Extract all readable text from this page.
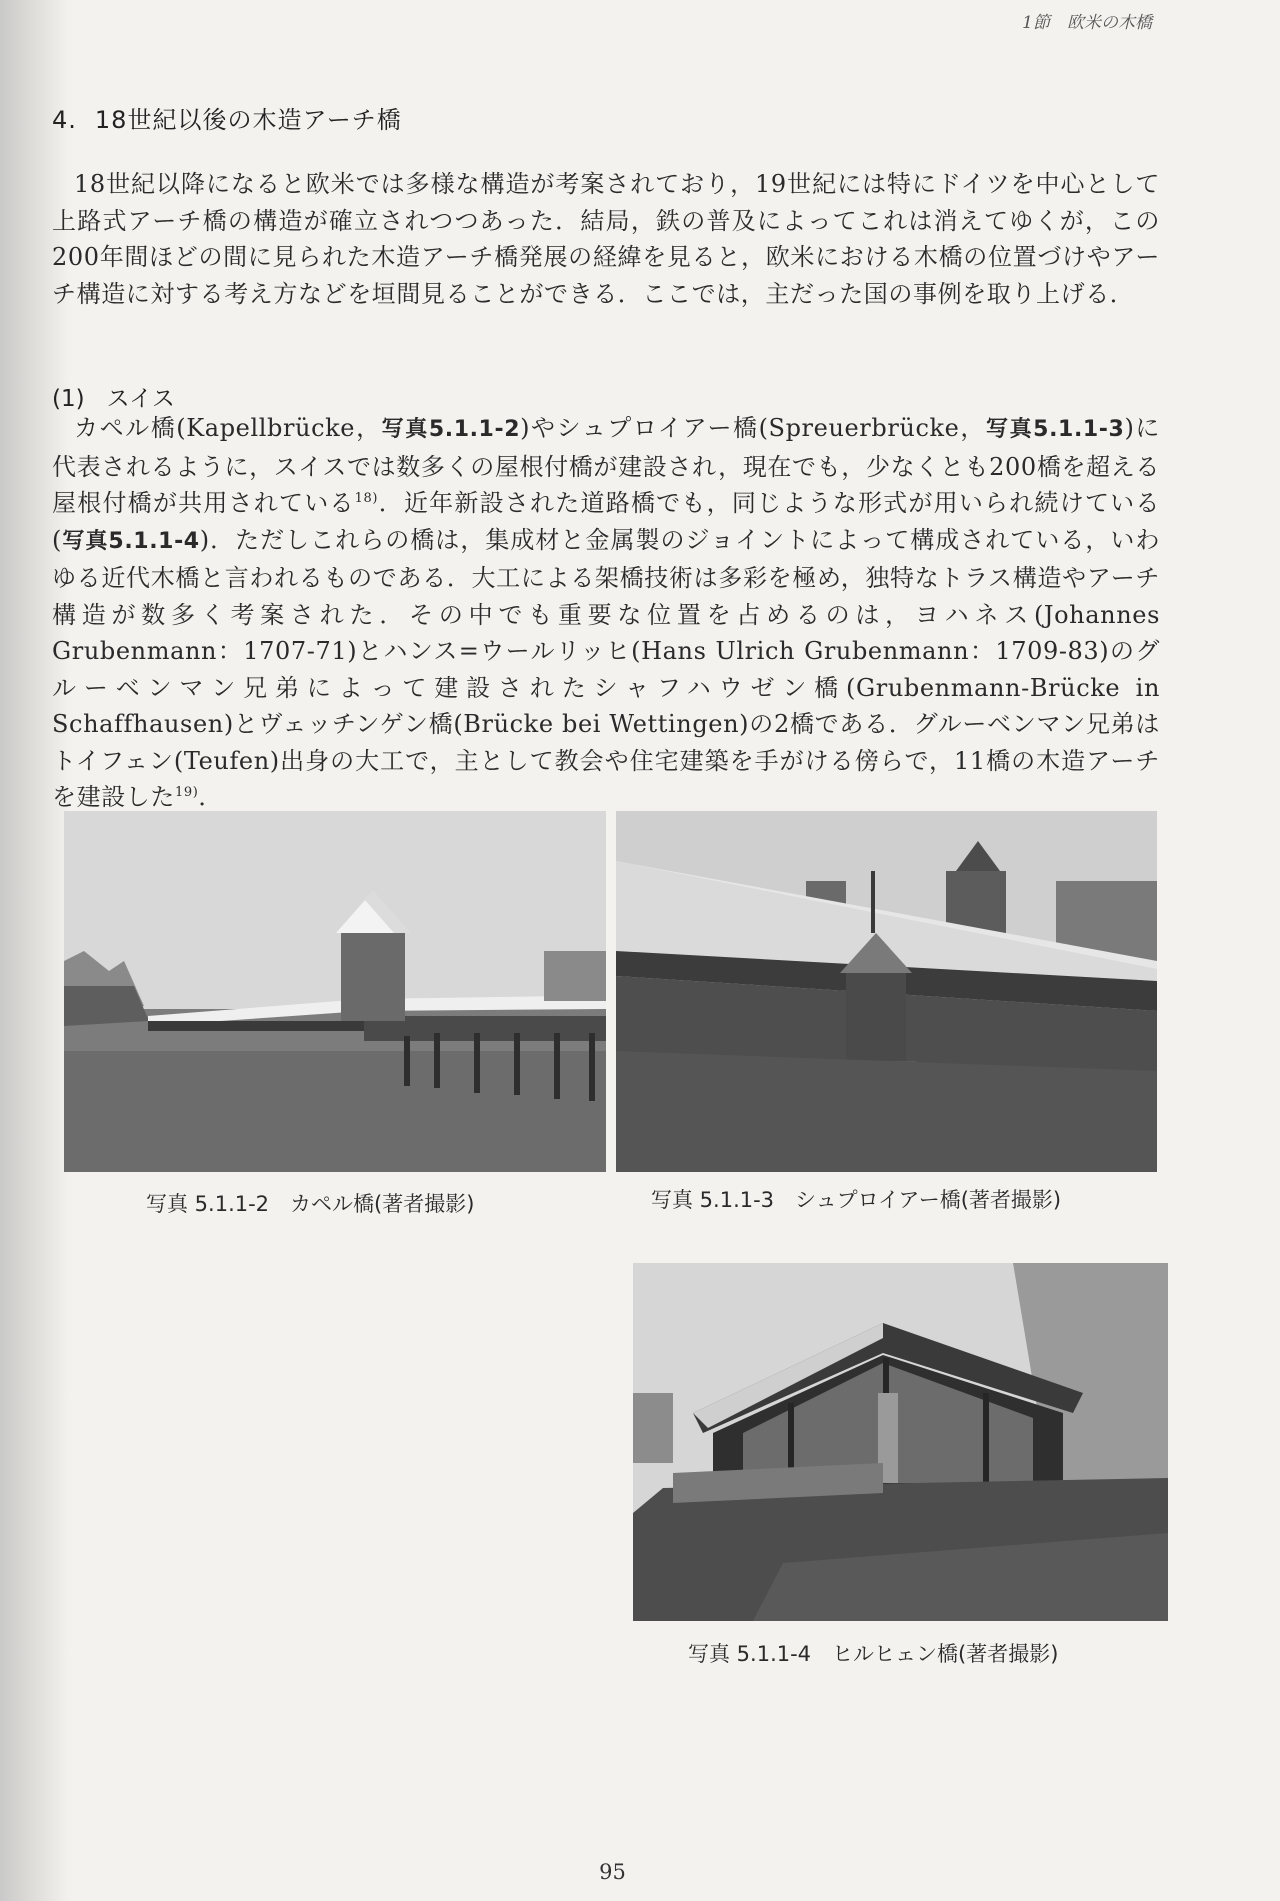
1節　欧米の木橋
4. 18世紀以後の木造アーチ橋

18世紀以降になると欧米では多様な構造が考案されており，19世紀には特にドイツを中心として上路式アーチ橋の構造が確立されつつあった．結局，鉄の普及によってこれは消えてゆくが，この200年間ほどの間に見られた木造アーチ橋発展の経緯を見ると，欧米における木橋の位置づけやアーチ構造に対する考え方などを垣間見ることができる．ここでは，主だった国の事例を取り上げる．

(1) スイス

カペル橋(Kapellbrücke，写真5.1.1-2)やシュプロイアー橋(Spreuerbrücke，写真5.1.1-3)に代表されるように，スイスでは数多くの屋根付橋が建設され，現在でも，少なくとも200橋を超える屋根付橋が共用されている$^{18)}$．近年新設された道路橋でも，同じような形式が用いられ続けている(写真5.1.1-4)．ただしこれらの橋は，集成材と金属製のジョイントによって構成されている，いわゆる近代木橋と言われるものである．大工による架橋技術は多彩を極め，独特なトラス構造やアーチ構造が数多く考案された．その中でも重要な位置を占めるのは，ヨハネス(Johannes Grubenmann：1707-71)とハンス=ウールリッヒ(Hans Ulrich Grubenmann：1709-83)のグルーベンマン兄弟によって建設されたシャフハウゼン橋(Grubenmann-Brücke in Schaffhausen)とヴェッチンゲン橋(Brücke bei Wettingen)の2橋である．グルーベンマン兄弟はトイフェン(Teufen)出身の大工で，主として教会や住宅建築を手がける傍らで，11橋の木造アーチを建設した$^{19)}$．

写真 5.1.1-2　カペル橋(著者撮影)	写真 5.1.1-3　シュプロイアー橋(著者撮影)
写真 5.1.1-4　ヒルヒェン橋(著者撮影)
95
